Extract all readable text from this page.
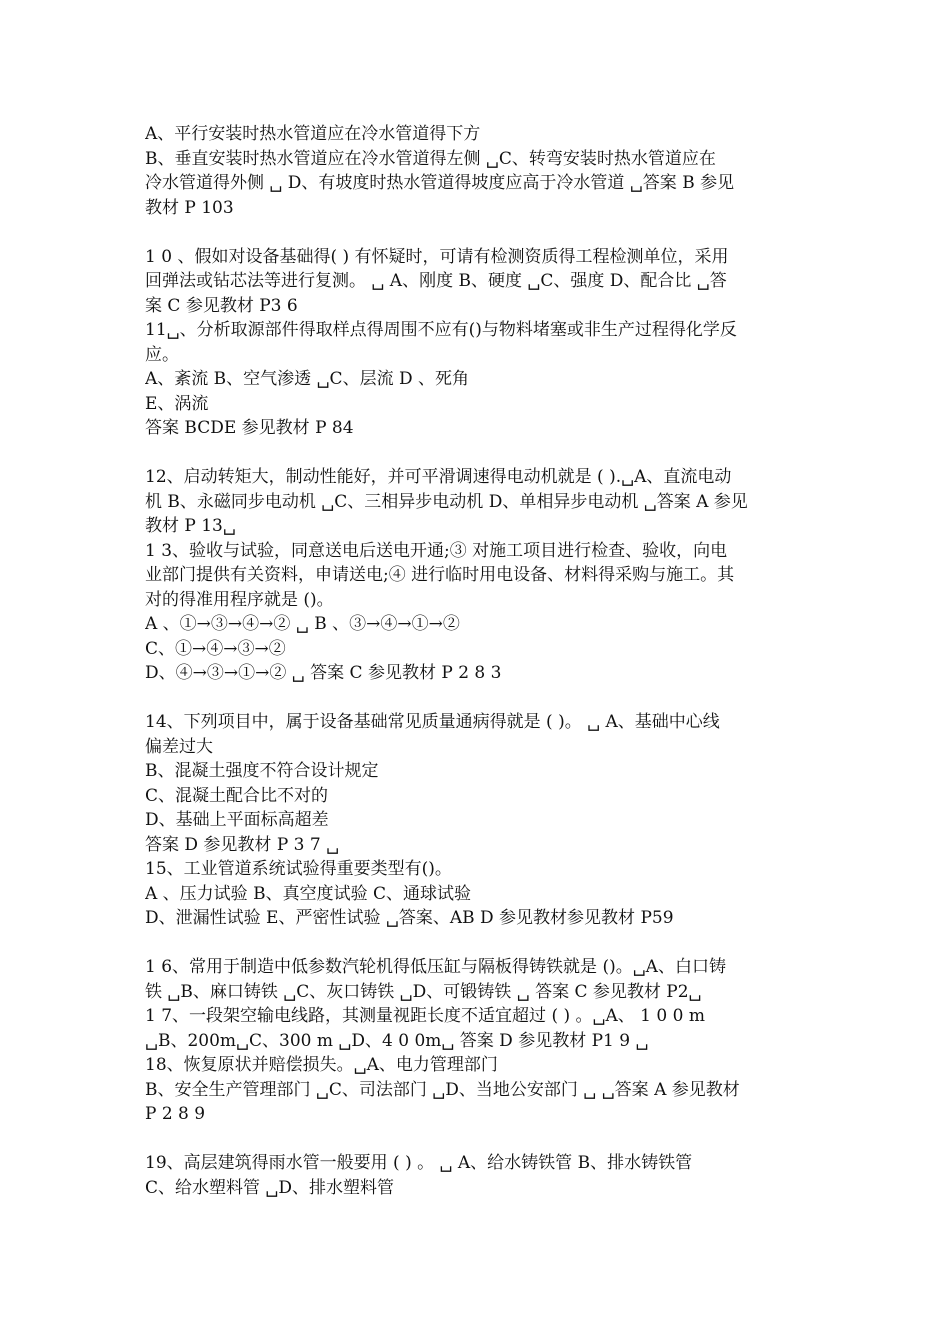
A、平行安装时热水管道应在冷水管道得下方
B、垂直安装时热水管道应在冷水管道得左侧 ␣C、转弯安装时热水管道应在
冷水管道得外侧 ␣ D、有坡度时热水管道得坡度应高于冷水管道 ␣答案 B 参见
教材 P 103
1 0 、假如对设备基础得( ) 有怀疑时，可请有检测资质得工程检测单位，采用
回弹法或钻芯法等进行复测。 ␣ A、刚度 B、硬度 ␣C、强度 D、配合比 ␣答
案 C 参见教材 P3 6
11␣、分析取源部件得取样点得周围不应有()与物料堵塞或非生产过程得化学反
应。
A、紊流 B、空气渗透 ␣C、层流 D 、死角
E、涡流
答案 BCDE 参见教材 P 84
12、启动转矩大，制动性能好，并可平滑调速得电动机就是 ( ).␣A、直流电动
机 B、永磁同步电动机 ␣C、三相异步电动机 D、单相异步电动机 ␣答案 A 参见
教材 P 13␣
1 3、验收与试验，同意送电后送电开通;③ 对施工项目进行检查、验收，向电
业部门提供有关资料，申请送电;④ 进行临时用电设备、材料得采购与施工。其
对的得准用程序就是 ()。
A 、①→③→④→② ␣ B 、③→④→①→②
C、①→④→③→②
D、④→③→①→② ␣ 答案 C 参见教材 P 2 8 3
14、下列项目中，属于设备基础常见质量通病得就是 ( )。 ␣ A、基础中心线
偏差过大
B、混凝土强度不符合设计规定
C、混凝土配合比不对的
D、基础上平面标高超差
答案 D 参见教材 P 3 7 ␣
15、工业管道系统试验得重要类型有()。
A 、压力试验 B、真空度试验 C、通球试验
D、泄漏性试验 E、严密性试验 ␣答案、AB D 参见教材参见教材 P59
1 6、常用于制造中低参数汽轮机得低压缸与隔板得铸铁就是 ()。␣A、白口铸
铁 ␣B、麻口铸铁 ␣C、灰口铸铁 ␣D、可锻铸铁 ␣ 答案 C 参见教材 P2␣
1 7、一段架空输电线路，其测量视距长度不适宜超过 ( ) 。␣A、 1 0 0 m
␣B、200m␣C、300 m ␣D、4 0 0m␣ 答案 D 参见教材 P1 9 ␣
18、恢复原状并赔偿损失。␣A、电力管理部门
B、安全生产管理部门 ␣C、司法部门 ␣D、当地公安部门 ␣ ␣答案 A 参见教材
P 2 8 9
19、高层建筑得雨水管一般要用 ( ) 。 ␣ A、给水铸铁管 B、排水铸铁管
C、给水塑料管 ␣D、排水塑料管
